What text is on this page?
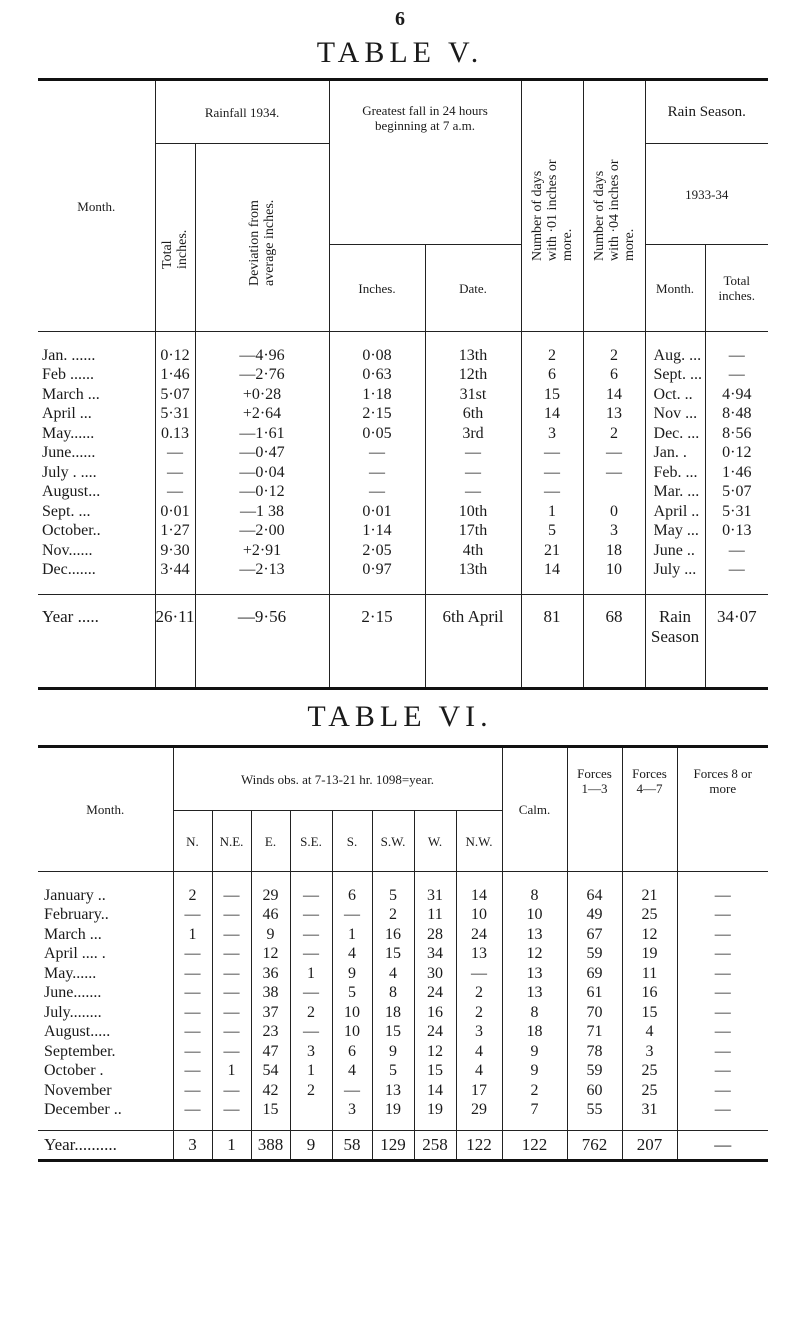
6
TABLE V.
Month.	Rainfall 1934.		Greatest fall in 24 hours beginning at 7 a.m.		Number of days with ·01 inches or more.	Number of days with ·04 inches or more.	Rain Season.	
	Total inches.	Deviation from average inches.					1933-34	
			Inches.	Date.			Month.	Total inches.

Jan. ......	0·12	—4·96	0·08	13th	2	2	Aug. ...	—
Feb ......	1·46	—2·76	0·63	12th	6	6	Sept. ...	—
March ...	5·07	+0·28	1·18	31st	15	14	Oct. ..	4·94
April ...	5·31	+2·64	2·15	6th	14	13	Nov ...	8·48
May......	0.13	—1·61	0·05	3rd	3	2	Dec. ...	8·56
June......	—	—0·47	—	—	—	—	Jan. .	0·12
July . ....	—	—0·04	—	—	—	—	Feb. ...	1·46
August...	—	—0·12	—	—	—		Mar. ...	5·07
Sept. ...	0·01	—1 38	0·01	10th	1	0	April ..	5·31
October..	1·27	—2·00	1·14	17th	5	3	May ...	0·13
Nov......	9·30	+2·91	2·05	4th	21	18	June ..	—
Dec.......	3·44	—2·13	0·97	13th	14	10	July ...	—

Year .....	26·11	—9·56	2·15	6th April	81	68	Rain Season	34·07
TABLE VI.
Month.	Winds obs. at 7-13-21 hr. 1098=year.								Calm.	Forces 1—3	Forces 4—7	Forces 8 or more
	N.	N.E.	E.	S.E.	S.	S.W.	W.	N.W.				

January ..	2	—	29	—	6	5	31	14	8	64	21	—
February..	—	—	46	—	—	2	11	10	10	49	25	—
March ...	1	—	9	—	1	16	28	24	13	67	12	—
April .... .	—	—	12	—	4	15	34	13	12	59	19	—
May......	—	—	36	1	9	4	30	—	13	69	11	—
June.......	—	—	38	—	5	8	24	2	13	61	16	—
July........	—	—	37	2	10	18	16	2	8	70	15	—
August.....	—	—	23	—	10	15	24	3	18	71	4	—
September.	—	—	47	3	6	9	12	4	9	78	3	—
October .	—	1	54	1	4	5	15	4	9	59	25	—
November	—	—	42	2	—	13	14	17	2	60	25	—
December ..	—	—	15		3	19	19	29	7	55	31	—

Year..........	3	1	388	9	58	129	258	122	122	762	207	—
